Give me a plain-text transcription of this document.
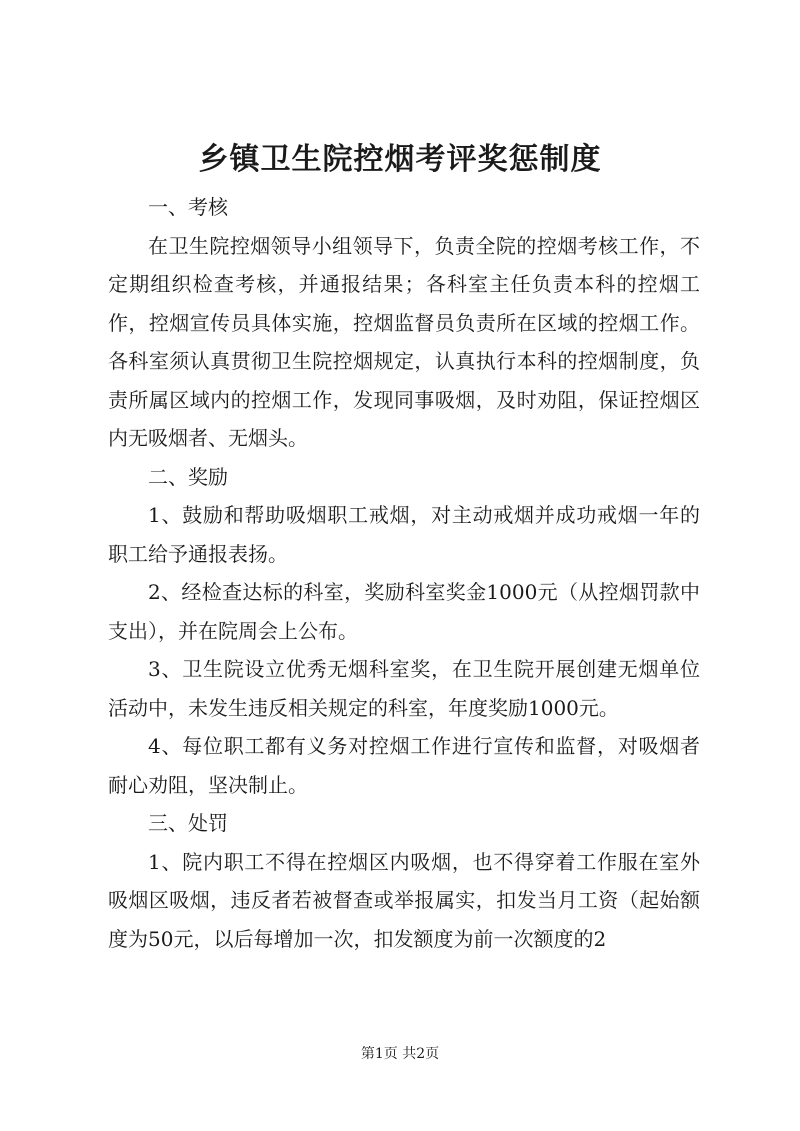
乡镇卫生院控烟考评奖惩制度

一、考核

在卫生院控烟领导小组领导下，负责全院的控烟考核工作，不定期组织检查考核，并通报结果；各科室主任负责本科的控烟工作，控烟宣传员具体实施，控烟监督员负责所在区域的控烟工作。各科室须认真贯彻卫生院控烟规定，认真执行本科的控烟制度，负责所属区域内的控烟工作，发现同事吸烟，及时劝阻，保证控烟区内无吸烟者、无烟头。

二、奖励

1、鼓励和帮助吸烟职工戒烟，对主动戒烟并成功戒烟一年的职工给予通报表扬。

2、经检查达标的科室，奖励科室奖金1000元（从控烟罚款中支出），并在院周会上公布。

3、卫生院设立优秀无烟科室奖，在卫生院开展创建无烟单位活动中，未发生违反相关规定的科室，年度奖励1000元。

4、每位职工都有义务对控烟工作进行宣传和监督，对吸烟者耐心劝阻，坚决制止。

三、处罚

1、院内职工不得在控烟区内吸烟，也不得穿着工作服在室外吸烟区吸烟，违反者若被督查或举报属实，扣发当月工资（起始额度为50元，以后每增加一次，扣发额度为前一次额度的2

第1页 共2页
